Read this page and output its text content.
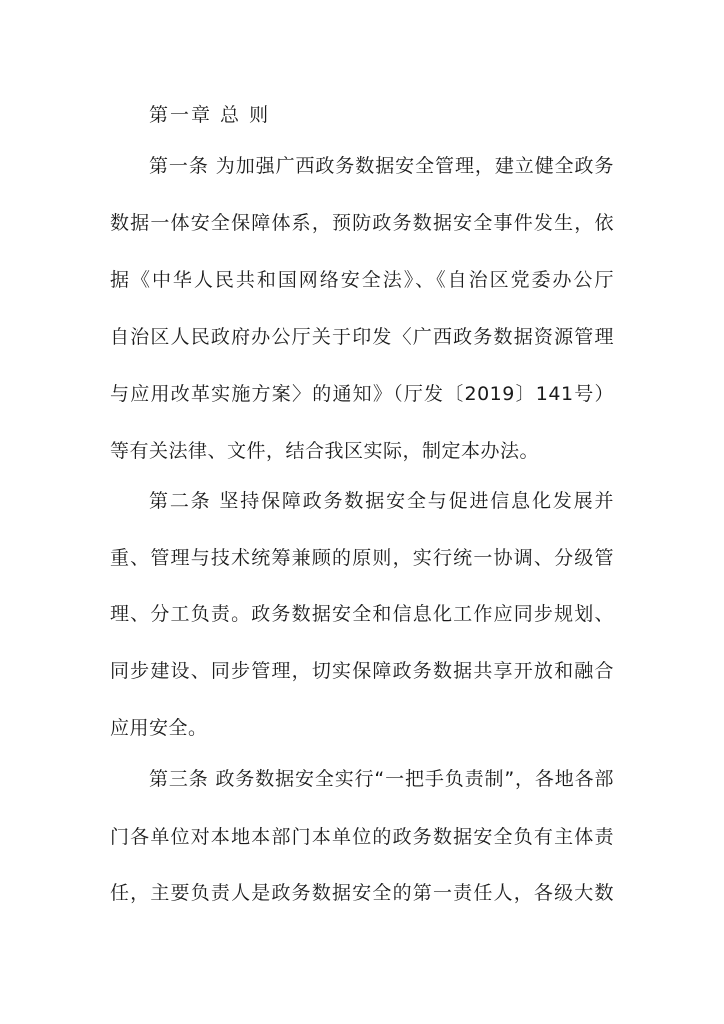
第一章 总 则
第一条 为加强广西政务数据安全管理，建立健全政务
数据一体安全保障体系，预防政务数据安全事件发生，依
据《中华人民共和国网络安全法》、《自治区党委办公厅
自治区人民政府办公厅关于印发〈广西政务数据资源管理
与应用改革实施方案〉的通知》（厅发〔2019〕141号）
等有关法律、文件，结合我区实际，制定本办法。
第二条 坚持保障政务数据安全与促进信息化发展并
重、管理与技术统筹兼顾的原则，实行统一协调、分级管
理、分工负责。政务数据安全和信息化工作应同步规划、
同步建设、同步管理，切实保障政务数据共享开放和融合
应用安全。
第三条 政务数据安全实行“一把手负责制”，各地各部
门各单位对本地本部门本单位的政务数据安全负有主体责
任，主要负责人是政务数据安全的第一责任人，各级大数
